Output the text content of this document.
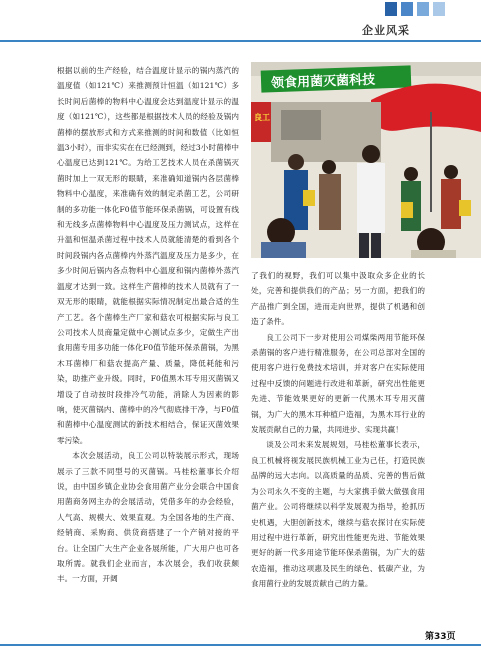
企业风采

根据以前的生产经验，结合温度计显示的锅内蒸汽的温度值（如121℃）来推测预计恒温（如121℃）多长时间后菌棒的物料中心温度会达到温度计显示的温度（如121℃），这些都是根据技术人员的经验及锅内菌棒的摆放形式和方式来推测的时间和数值（比如恒温3小时），而非实实在在已经测到，经过3小时菌棒中心温度已达到121℃。为给工艺技术人员在杀菌锅灭菌时加上一双无形的眼睛，来准确知道锅内各层菌棒物料中心温度，来准确有效的制定杀菌工艺，公司研制的多功能一体化F0值节能环保杀菌锅，可设置有线和无线多点菌棒物料中心温度及压力测试点，这样在升温和恒温杀菌过程中技术人员就能清楚的看到各个时间段锅内各点菌棒内外蒸汽温度及压力是多少，在多少时间后锅内各点物料中心温度和锅内菌棒外蒸汽温度才达到一致。这样生产菌棒的技术人员就有了一双无形的眼睛，就能根据实际情况制定出最合适的生产工艺。各个菌棒生产厂家和菇农可根据实际与良工公司技术人员商量定做中心测试点多少，定做生产出食用菌专用多功能一体化F0值节能环保杀菌锅，为黑木耳菌棒厂和菇农提高产量、质量，降低耗能和污染，助推产业升级。同时，F0值黑木耳专用灭菌锅又增设了自动按时段排冷气功能，消除人为因素的影响，使灭菌锅内、菌棒中的冷气彻底排干净，与F0值和菌棒中心温度测试的新技术相结合，保证灭菌效果零污染。

本次会展活动，良工公司以特装展示形式，现场展示了三款不同型号的灭菌锅。马桂松董事长介绍说，由中国乡镇企业协会食用菌产业分会联合中国食用菌商务网主办的会展活动，凭借多年的办会经验，人气高、规模大、效果直观。为全国各地的生产商、经销商、采购商、供货商搭建了一个产销对接的平台。让全国广大生产企业各展所能，广大用户也可各取所需。就我们企业而言，本次展会，我们收获颇丰。一方面，开阔

领食用菌灭菌科技
良工

了我们的视野，我们可以集中汲取众多企业的长处，完善和提供我们的产品；另一方面，把我们的产品推广到全国，进而走向世界，提供了机遇和创造了条件。

良工公司下一步对使用公司煤柴两用节能环保杀菌锅的客户进行精准服务，在公司总部对全国的使用客户进行免费技术培训，并对客户在实际使用过程中反馈的问题进行改进和革新，研究出性能更先进、节能效果更好的更新一代黑木耳专用灭菌锅，为广大的黑木耳种植户造福，为黑木耳行业的发展贡献自己的力量，共同进步、实现共赢！

谈及公司未来发展规划，马桂松董事长表示，良工机械将视发展民族机械工业为己任，打造民族品牌的远大志向。以高质量的品质、完善的售后做为公司永久不变的主题，与大家携手做大做强食用菌产业。公司将继续以科学发展观为指导，抢抓历史机遇，大胆创新技术，继续与菇农探讨在实际使用过程中进行革新，研究出性能更先进、节能效果更好的新一代多用途节能环保杀菌锅，为广大的菇农造福，推动这项惠及民生的绿色、低碳产业，为食用菌行业的发展贡献自己的力量。

第33页
